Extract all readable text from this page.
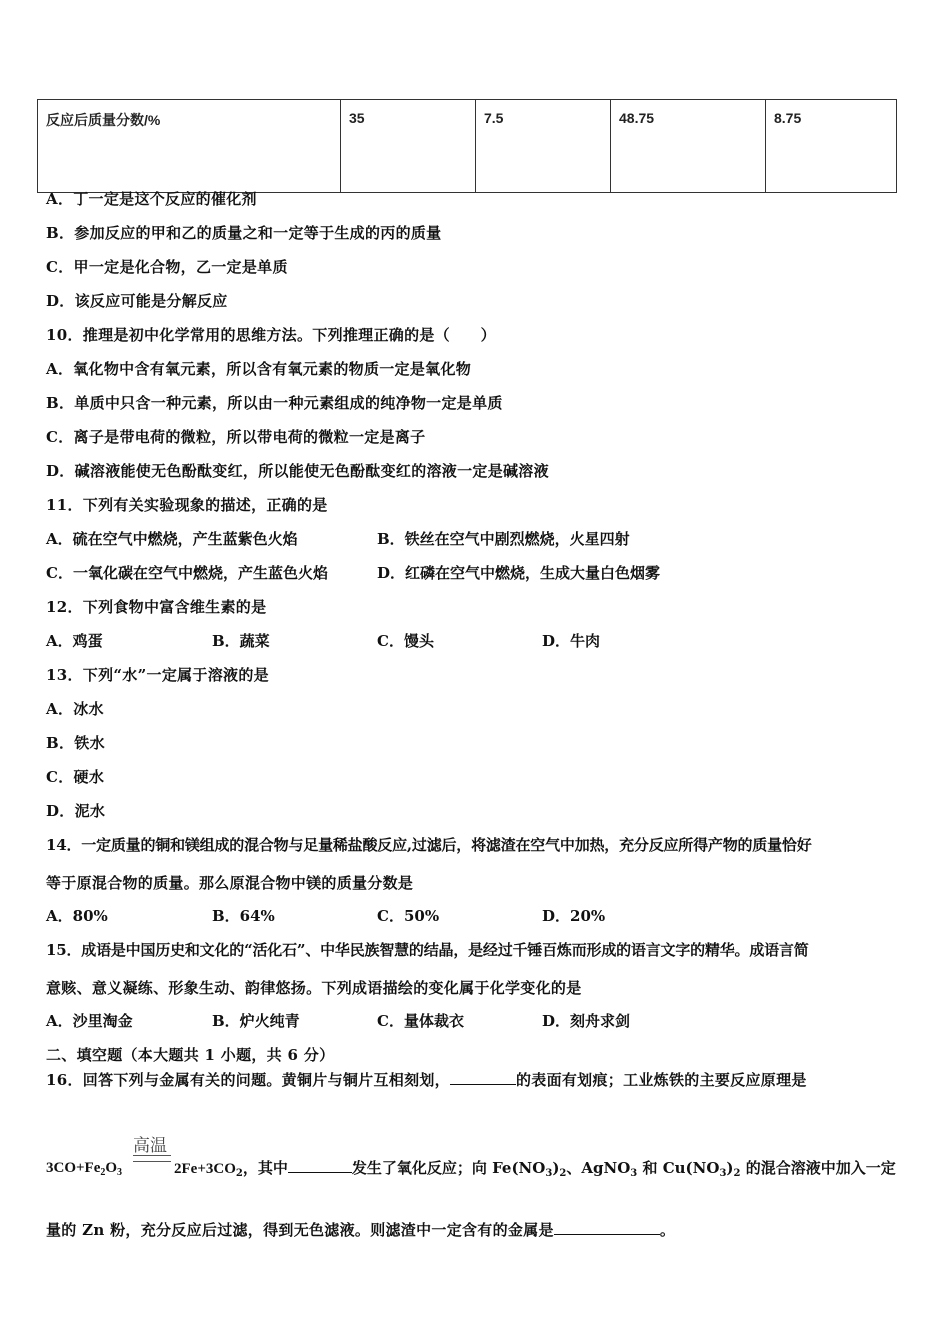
反应后质量分数/%	35	7.5	48.75	8.75
A．丁一定是这个反应的催化剂
B．参加反应的甲和乙的质量之和一定等于生成的丙的质量
C．甲一定是化合物，乙一定是单质
D．该反应可能是分解反应
10．推理是初中化学常用的思维方法。下列推理正确的是（　　）
A．氧化物中含有氧元素，所以含有氧元素的物质一定是氧化物
B．单质中只含一种元素，所以由一种元素组成的纯净物一定是单质
C．离子是带电荷的微粒，所以带电荷的微粒一定是离子
D．碱溶液能使无色酚酞变红，所以能使无色酚酞变红的溶液一定是碱溶液
11．下列有关实验现象的描述，正确的是
A．硫在空气中燃烧，产生蓝紫色火焰	B．铁丝在空气中剧烈燃烧，火星四射
C．一氧化碳在空气中燃烧，产生蓝色火焰	D．红磷在空气中燃烧，生成大量白色烟雾
12．下列食物中富含维生素的是
A．鸡蛋	B．蔬菜	C．馒头	D．牛肉
13．下列“水”一定属于溶液的是
A．冰水
B．铁水
C．硬水
D．泥水
14．一定质量的铜和镁组成的混合物与足量稀盐酸反应,过滤后，将滤渣在空气中加热，充分反应所得产物的质量恰好
等于原混合物的质量。那么原混合物中镁的质量分数是
A．80%	B．64%	C．50%	D．20%
15．成语是中国历史和文化的“活化石”、中华民族智慧的结晶，是经过千锤百炼而形成的语言文字的精华。成语言简
意赅、意义凝练、形象生动、韵律悠扬。下列成语描绘的变化属于化学变化的是
A．沙里淘金	B．炉火纯青	C．量体裁衣	D．刻舟求剑
二、填空题（本大题共 1 小题，共 6 分）
16．回答下列与金属有关的问题。黄铜片与铜片互相刻划，	的表面有划痕；工业炼铁的主要反应原理是
高温
$3CO+Fe_2O_3$	$2Fe+3CO_2$，其中	发生了氧化反应；向 $Fe(NO_3)_2$、AgNO$_3$ 和 $Cu(NO_3)_2$ 的混合溶液中加入一定
量的 Zn 粉，充分反应后过滤，得到无色滤液。则滤渣中一定含有的金属是	。
